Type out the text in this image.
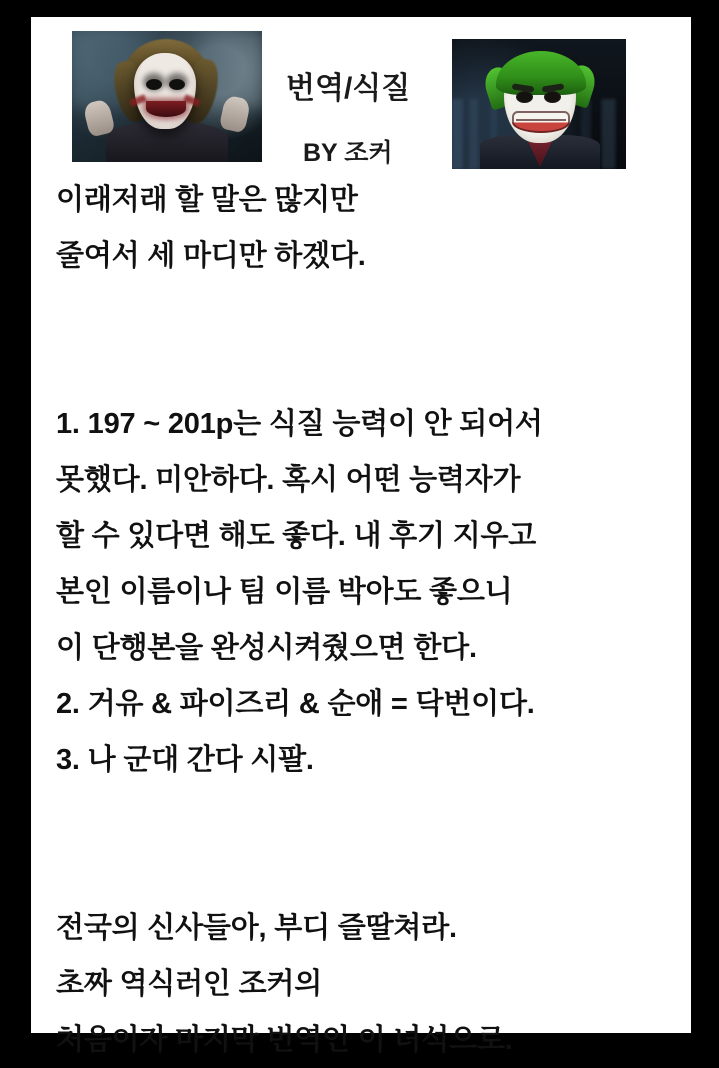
번역/식질
BY 조커
이래저래 할 말은 많지만
줄여서 세 마디만 하겠다.
1. 197 ~ 201p는 식질 능력이 안 되어서
못했다. 미안하다. 혹시 어떤 능력자가
할 수 있다면 해도 좋다. 내 후기 지우고
본인 이름이나 팀 이름 박아도 좋으니
이 단행본을 완성시켜줬으면 한다.
2. 거유 & 파이즈리 & 순애 = 닥번이다.
3. 나 군대 간다 시팔.
전국의 신사들아, 부디 즐딸쳐라.
초짜 역식러인 조커의
처음이자 마지막 번역인 이 녀석으로.
